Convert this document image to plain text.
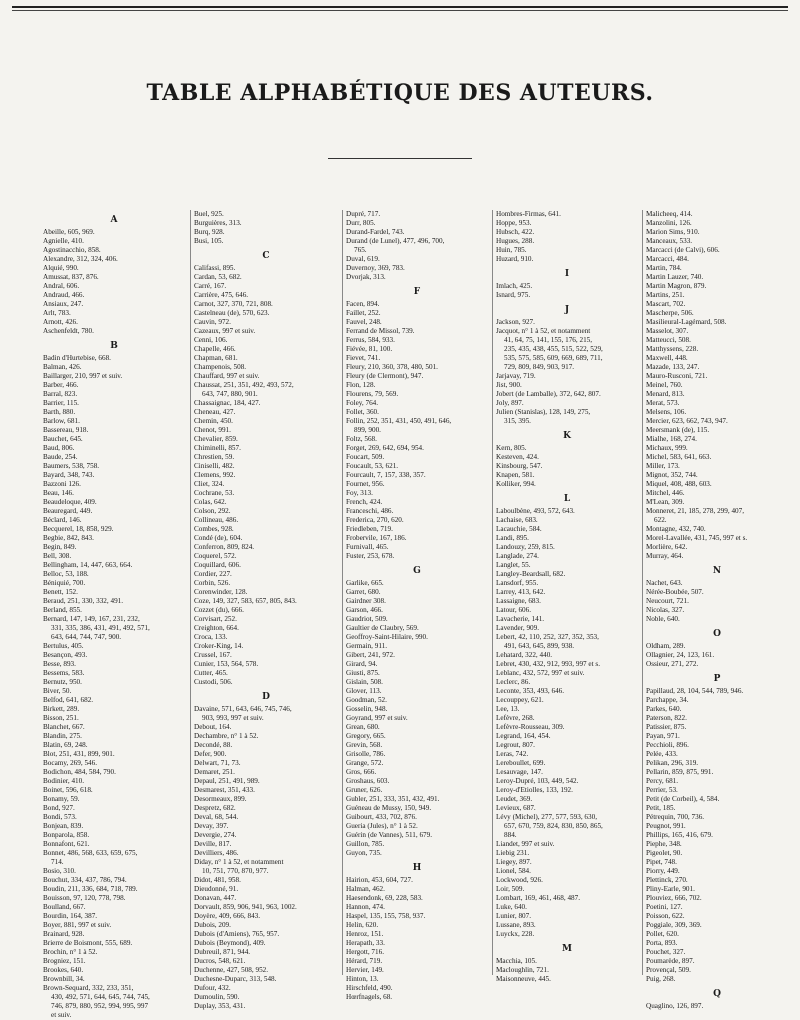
TABLE ALPHABÉTIQUE DES AUTEURS.
A
Abeille, 605, 969.
Agnielle, 410.
Agostinacchio, 858.
Alexandre, 312, 324, 406.
Alquié, 990.
Amussat, 837, 876.
Andral, 606.
Andraud, 466.
Ansiaux, 247.
Arlt, 783.
Arnott, 426.
Aschenfeldt, 780.
B
Badin d'Hurtebise, 668.
Balman, 426.
Baillarger, 210, 997 et suiv.
Barber, 466.
Barral, 823.
Barrier, 115.
Barth, 880.
Barlow, 681.
Bassereau, 918.
Bauchet, 645.
Baud, 806.
Baude, 254.
Baumers, 538, 758.
Bayard, 348, 743.
Bazzoni 126.
Beau, 146.
Beaudeloque, 409.
Beauregard, 449.
Béclard, 146.
Becquerel, 18, 858, 929.
Begbie, 842, 843.
Begin, 849.
Bell, 308.
Bellingham, 14, 447, 663, 664.
Belloc, 53, 188.
Béniquié, 700.
Benett, 152.
Beraud, 251, 330, 332, 491.
Berland, 855.
Bernard, 147, 149, 167, 231, 232,
331, 335, 386, 431, 491, 492, 571,
643, 644, 744, 747, 900.
Bertulus, 405.
Besançon, 493.
Besse, 893.
Bessems, 583.
Bernutz, 950.
Biver, 50.
Belfod, 641, 682.
Birkett, 289.
Bisson, 251.
Blanchet, 667.
Blandin, 275.
Blatin, 69, 248.
Blot, 251, 431, 899, 901.
Bocamy, 269, 546.
Bodichon, 484, 584, 790.
Bodinier, 410.
Boinet, 596, 618.
Bonamy, 59.
Bond, 927.
Bondi, 573.
Bonjean, 839.
Bonparola, 858.
Bonnafont, 621.
Bonnet, 486, 568, 633, 659, 675,
714.
Bosio, 310.
Bouchut, 334, 437, 786, 794.
Boudin, 211, 336, 684, 718, 789.
Bouisson, 97, 120, 778, 798.
Boulland, 667.
Bourdin, 164, 387.
Boyer, 881, 997 et suiv.
Brainard, 928.
Brierre de Boismont, 555, 689.
Brochin, n° 1 à 52.
Brogniez, 151.
Brookes, 640.
Brownbill, 34.
Brown-Sequard, 332, 233, 351,
430, 492, 571, 644, 645, 744, 745,
746, 879, 880, 952, 994, 995, 997
et suiv.
Buel, 925.
Burguières, 313.
Burq, 928.
Busi, 105.
C
Califassi, 895.
Cardan, 53, 682.
Carré, 167.
Carrière, 475, 646.
Carnot, 327, 370, 721, 808.
Castelneau (de), 570, 623.
Cauvin, 972.
Cazeaux, 997 et suiv.
Cenni, 106.
Chapelle, 466.
Chapman, 681.
Champenois, 508.
Chauffard, 997 et suiv.
Chaussat, 251, 351, 492, 493, 572,
643, 747, 880, 901.
Chassaignac, 184, 427.
Cheneau, 427.
Chemin, 450.
Chenot, 991.
Chevalier, 859.
Chiminelli, 857.
Chrestien, 59.
Ciniselli, 482.
Clemens, 992.
Cliet, 324.
Cochrane, 53.
Colas, 642.
Colson, 292.
Collineau, 486.
Combes, 928.
Condé (de), 604.
Conferron, 809, 824.
Coquerel, 572.
Coquillard, 606.
Cordier, 227.
Corbin, 526.
Corenwinder, 128.
Coze, 149, 327, 583, 657, 805, 843.
Cozzet (du), 666.
Corvisart, 252.
Creighton, 664.
Croca, 133.
Croker-King, 14.
Crussel, 167.
Cunier, 153, 564, 578.
Cutter, 465.
Custodi, 506.
D
Davaine, 571, 643, 646, 745, 746,
903, 993, 997 et suiv.
Debout, 164.
Dechambre, n° 1 à 52.
Decondé, 88.
Defer, 900.
Delwart, 71, 73.
Demaret, 251.
Depaul, 251, 491, 989.
Desmarest, 351, 433.
Desormeaux, 899.
Despretz, 682.
Deval, 68, 544.
Devay, 397.
Devergie, 274.
Deville, 817.
Devilliers, 486.
Diday, n° 1 à 52, et notamment
10, 751, 770, 870, 977.
Didot, 481, 958.
Dieudonné, 91.
Donavan, 447.
Dorvault, 859, 906, 941, 963, 1002.
Doyère, 409, 666, 843.
Dubois, 209.
Dubois (d'Amiens), 765, 957.
Dubois (Beymond), 409.
Dubreuil, 871, 944.
Ducros, 548, 621.
Duchenne, 427, 508, 952.
Duchesne-Duparc, 313, 548.
Dufour, 432.
Dumoulin, 590.
Duplay, 353, 431.
Dupré, 717.
Durr, 805.
Durand-Fardel, 743.
Durand (de Lunel), 477, 496, 700,
765.
Duval, 619.
Duvernoy, 369, 783.
Dvorjak, 313.
F
Facen, 894.
Faillet, 252.
Fauvel, 248.
Ferrand de Missol, 739.
Ferrus, 584, 933.
Fiévée, 81, 100.
Fievet, 741.
Fleury, 210, 360, 378, 480, 501.
Fleury (de Clermont), 947.
Flon, 128.
Flourens, 79, 569.
Foley, 764.
Follet, 360.
Follin, 252, 351, 431, 450, 491, 646,
899, 900.
Foltz, 568.
Forget, 269, 642, 694, 954.
Foucart, 509.
Foucault, 53, 621.
Fourcault, 7, 157, 338, 357.
Fournet, 956.
Foy, 313.
French, 424.
Franceschi, 486.
Frederica, 270, 620.
Friedleben, 719.
Frobervile, 167, 186.
Furnivall, 465.
Fuster, 253, 678.
G
Garlike, 665.
Garret, 680.
Gairdner 308.
Garson, 466.
Gaudriot, 509.
Gaultier de Claubry, 569.
Geoffroy-Saint-Hilaire, 990.
Germain, 911.
Gibert, 241, 972.
Girard, 94.
Giusti, 875.
Gislain, 508.
Glover, 113.
Goodman, 52.
Gosselin, 948.
Goyrand, 997 et suiv.
Grean, 680.
Gregory, 665.
Grevin, 568.
Grisolle, 786.
Grange, 572.
Gros, 666.
Groshaus, 603.
Gruner, 626.
Gubler, 251, 333, 351, 432, 491.
Guéneau de Mussy, 150, 949.
Guibourt, 433, 702, 876.
Gueria (Jules), n° 1 à 52.
Guérin (de Vannes), 511, 679.
Guillon, 785.
Guyon, 735.
H
Hairion, 453, 604, 727.
Halman, 462.
Haesendonk, 69, 228, 583.
Hannon, 474.
Haspel, 135, 155, 758, 937.
Helin, 620.
Henroz, 151.
Herapath, 33.
Hergott, 716.
Hérard, 719.
Hervier, 149.
Hinton, 13.
Hirschfeld, 490.
Hœrfnagels, 68.
Hombres-Firmas, 641.
Hoppe, 953.
Hubsch, 422.
Hugues, 288.
Huin, 785.
Huzard, 910.
I
Imlach, 425.
Isnard, 975.
J
Jackson, 927.
Jacquot, n° 1 à 52, et notamment
41, 64, 75, 141, 155, 176, 215,
235, 435, 438, 455, 515, 522, 529,
535, 575, 585, 609, 669, 689, 711,
729, 809, 849, 903, 917.
Jarjavay, 719.
Jist, 900.
Jobert (de Lamballe), 372, 642, 807.
Joly, 897.
Julien (Stanislas), 128, 149, 275,
315, 395.
K
Kern, 805.
Kesteven, 424.
Kinsbourg, 547.
Knapen, 581.
Kolliker, 994.
L
Laboulbène, 493, 572, 643.
Lachaise, 683.
Lacauchie, 584.
Landi, 895.
Landouzy, 259, 815.
Langlade, 274.
Langlet, 55.
Langley-Beardsall, 682.
Lansdorf, 955.
Larrey, 413, 642.
Lassaigne, 683.
Latour, 606.
Lavacherie, 141.
Lavender, 909.
Lebert, 42, 110, 252, 327, 352, 353,
491, 643, 645, 899, 938.
Lehatard, 322, 440.
Lebret, 430, 432, 912, 993, 997 et s.
Leblanc, 432, 572, 997 et suiv.
Leclerc, 86.
Leconte, 353, 493, 646.
Lecouppey, 621.
Lee, 13.
Lefèvre, 268.
Lefèvre-Rousseau, 309.
Legrand, 164, 454.
Legrout, 807.
Leras, 742.
Lereboullet, 699.
Lesauvage, 147.
Leroy-Dupré, 103, 449, 542.
Leroy-d'Etiolles, 133, 192.
Leudet, 369.
Levieux, 687.
Lévy (Michel), 277, 577, 593, 630,
657, 670, 759, 824, 830, 850, 865,
884.
Liandet, 997 et suiv.
Liebig 231.
Liegey, 897.
Lionel, 584.
Lockwood, 926.
Loir, 509.
Lombart, 169, 461, 468, 487.
Luke, 640.
Lunier, 807.
Lussane, 893.
Luyckx, 228.
M
Macchia, 105.
Macloughlin, 721.
Maisonneuve, 445.
Malicheeq, 414.
Manzolini, 126.
Marion Sims, 910.
Manceaux, 533.
Marcacci (de Calvi), 606.
Marcacci, 484.
Martin, 784.
Martin Lauzer, 740.
Martin Magron, 879.
Martins, 251.
Mascart, 702.
Mascherpe, 506.
Masilieural-Lagémard, 508.
Masselot, 307.
Matteucci, 508.
Matthyssens, 228.
Maxwell, 448.
Mazade, 133, 247.
Mauro-Rusconi, 721.
Meinel, 760.
Menard, 813.
Merat, 573.
Melsens, 106.
Mercier, 623, 662, 743, 947.
Meersmank (de), 115.
Mialhe, 168, 274.
Michaux, 999.
Michel, 583, 641, 663.
Miller, 173.
Mignot, 352, 744.
Miquel, 408, 488, 603.
Mitchel, 446.
M'Lean, 309.
Monneret, 21, 185, 278, 299, 407,
622.
Montagne, 432, 740.
Morel-Lavallée, 431, 745, 997 et s.
Morlière, 642.
Murray, 464.
N
Nachet, 643.
Nérée-Boubée, 507.
Neucourt, 721.
Nicolas, 327.
Noble, 640.
O
Oldham, 289.
Ollagnier, 24, 123, 161.
Ossieur, 271, 272.
P
Papillaud, 28, 104, 544, 789, 946.
Parchappe, 34.
Parkes, 640.
Paterson, 822.
Patissier, 875.
Payan, 971.
Pecchioli, 896.
Pelée, 433.
Pelikan, 296, 319.
Pellarin, 859, 875, 991.
Percy, 681.
Perrier, 53.
Petit (de Corbeil), 4, 584.
Petit, 185.
Pétrequin, 700, 736.
Peugnot, 991.
Phillips, 165, 416, 679.
Piephe, 348.
Pigeolet, 90.
Pipet, 748.
Piorry, 449.
Plettinck, 270.
Pliny-Earle, 901.
Plouviez, 666, 702.
Poetini, 127.
Poisson, 622.
Poggiale, 309, 369.
Pollet, 620.
Porta, 893.
Pouchet, 327.
Poumarède, 897.
Provençal, 509.
Puig, 268.
Q
Quaglino, 126, 897.
